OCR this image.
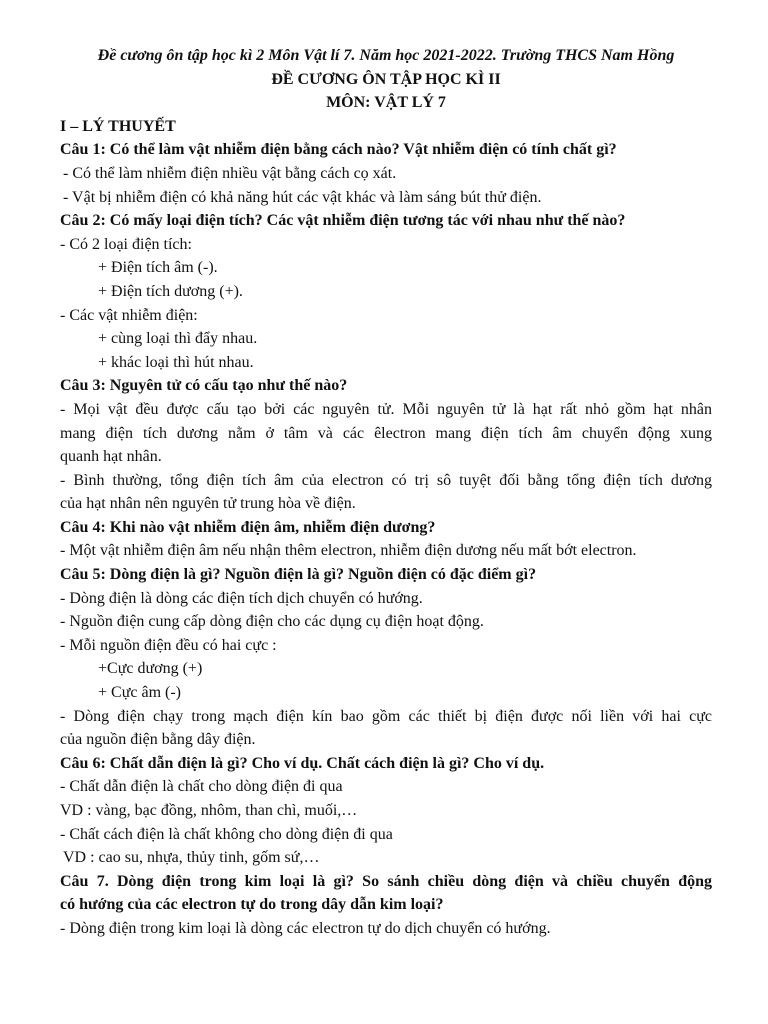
Đề cương ôn tập học kì 2 Môn Vật lí 7. Năm học 2021-2022. Trường THCS Nam Hồng
ĐỀ CƯƠNG ÔN TẬP HỌC KÌ II
MÔN: VẬT LÝ 7
I – LÝ THUYẾT
Câu 1: Có thể làm vật nhiễm điện bằng cách nào? Vật nhiễm điện có tính chất gì?
- Có thể làm nhiễm điện nhiều vật bằng cách cọ xát.
- Vật bị nhiễm điện có khả năng hút các vật khác và làm sáng bút thử điện.
Câu 2: Có mấy loại điện tích? Các vật nhiễm điện tương tác với nhau như thế nào?
- Có 2 loại điện tích:
+ Điện tích âm (-).
+ Điện tích dương (+).
- Các vật nhiễm điện:
+ cùng loại thì đẩy nhau.
+ khác loại thì hút nhau.
Câu 3: Nguyên tử có cấu tạo như thế nào?
- Mọi vật đều được cấu tạo bởi các nguyên tử. Mỗi nguyên tử là hạt rất nhỏ gồm hạt nhân
mang điện tích dương nằm ở tâm và các êlectron mang điện tích âm chuyển động xung
quanh hạt nhân.
- Bình thường, tổng điện tích âm của electron có trị sô tuyệt đối bằng tổng điện tích dương
của hạt nhân nên nguyên tử trung hòa về điện.
Câu 4: Khi nào vật nhiễm điện âm, nhiễm điện dương?
- Một vật nhiễm điện âm nếu nhận thêm electron, nhiễm điện dương nếu mất bớt electron.
Câu 5: Dòng điện là gì? Nguồn điện là gì? Nguồn điện có đặc điểm gì?
- Dòng điện là dòng các điện tích dịch chuyển có hướng.
- Nguồn điện cung cấp dòng điện cho các dụng cụ điện hoạt động.
- Mỗi nguồn điện đều có hai cực :
+Cực dương (+)
+ Cực âm (-)
- Dòng điện chạy trong mạch điện kín bao gồm các thiết bị điện được nối liền với hai cực
của nguồn điện bằng dây điện.
Câu 6: Chất dẫn điện là gì? Cho ví dụ. Chất cách điện là gì? Cho ví dụ.
- Chất dẫn điện là chất cho dòng điện đi qua
VD : vàng, bạc đồng, nhôm, than chì, muối,…
- Chất cách điện là chất không cho dòng điện đi qua
VD : cao su, nhựa, thủy tinh, gốm sứ,…
Câu 7. Dòng điện trong kim loại là gì? So sánh chiều dòng điện và chiều chuyển động
có hướng của các electron tự do trong dây dẫn kim loại?
- Dòng điện trong kim loại là dòng các electron tự do dịch chuyển có hướng.
